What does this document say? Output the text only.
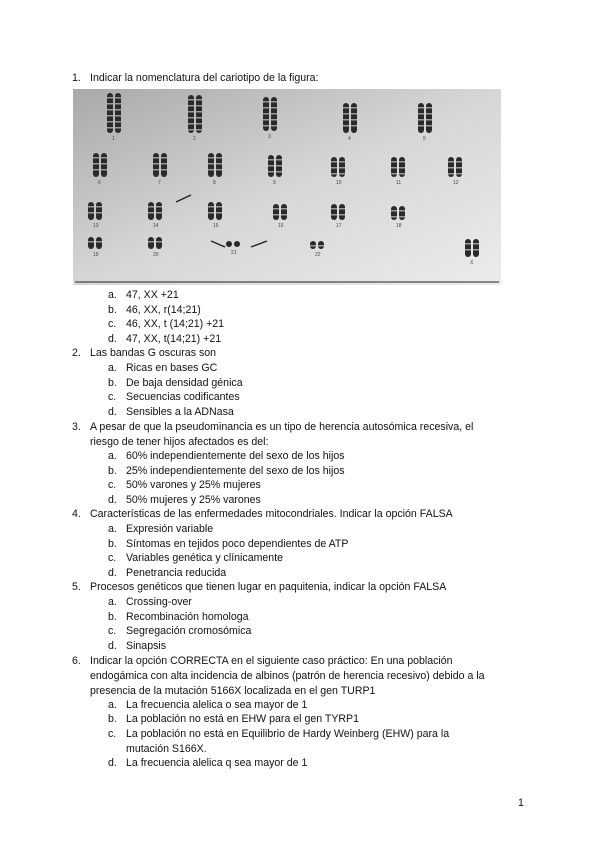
1. Indicar la nomenclatura del cariotipo de la figura:
1	2	3	4	5
6	7	8	9	10	11	12
13	14	15	16	17	18
19	20	21	22
X
a. 47, XX +21
b. 46, XX, r(14;21)
c. 46, XX, t (14;21) +21
d. 47, XX, t(14;21) +21
2. Las bandas G oscuras son
a. Ricas en bases GC
b. De baja densidad génica
c. Secuencias codificantes
d. Sensibles a la ADNasa
3. A pesar de que la pseudominancia es un tipo de herencia autosómica recesiva, el
riesgo de tener hijos afectados es del:
a. 60% independientemente del sexo de los hijos
b. 25% independientemente del sexo de los hijos
c. 50% varones y 25% mujeres
d. 50% mujeres y 25% varones
4. Características de las enfermedades mitocondriales. Indicar la opción FALSA
a. Expresión variable
b. Síntomas en tejidos poco dependientes de ATP
c. Variables genética y clínicamente
d. Penetrancia reducida
5. Procesos genéticos que tienen lugar en paquitenia, indicar la opción FALSA
a. Crossing-over
b. Recombinación homologa
c. Segregación cromosómica
d. Sinapsis
6. Indicar la opción CORRECTA en el siguiente caso práctico: En una población
endogámica con alta incidencia de albinos (patrón de herencia recesivo) debido a la
presencia de la mutación 5166X localizada en el gen TURP1
a. La frecuencia alelica o sea mayor de 1
b. La población no está en EHW para el gen TYRP1
c. La población no está en Equilibrio de Hardy Weinberg (EHW) para la
mutación S166X.
d. La frecuencia alelica q sea mayor de 1
1
